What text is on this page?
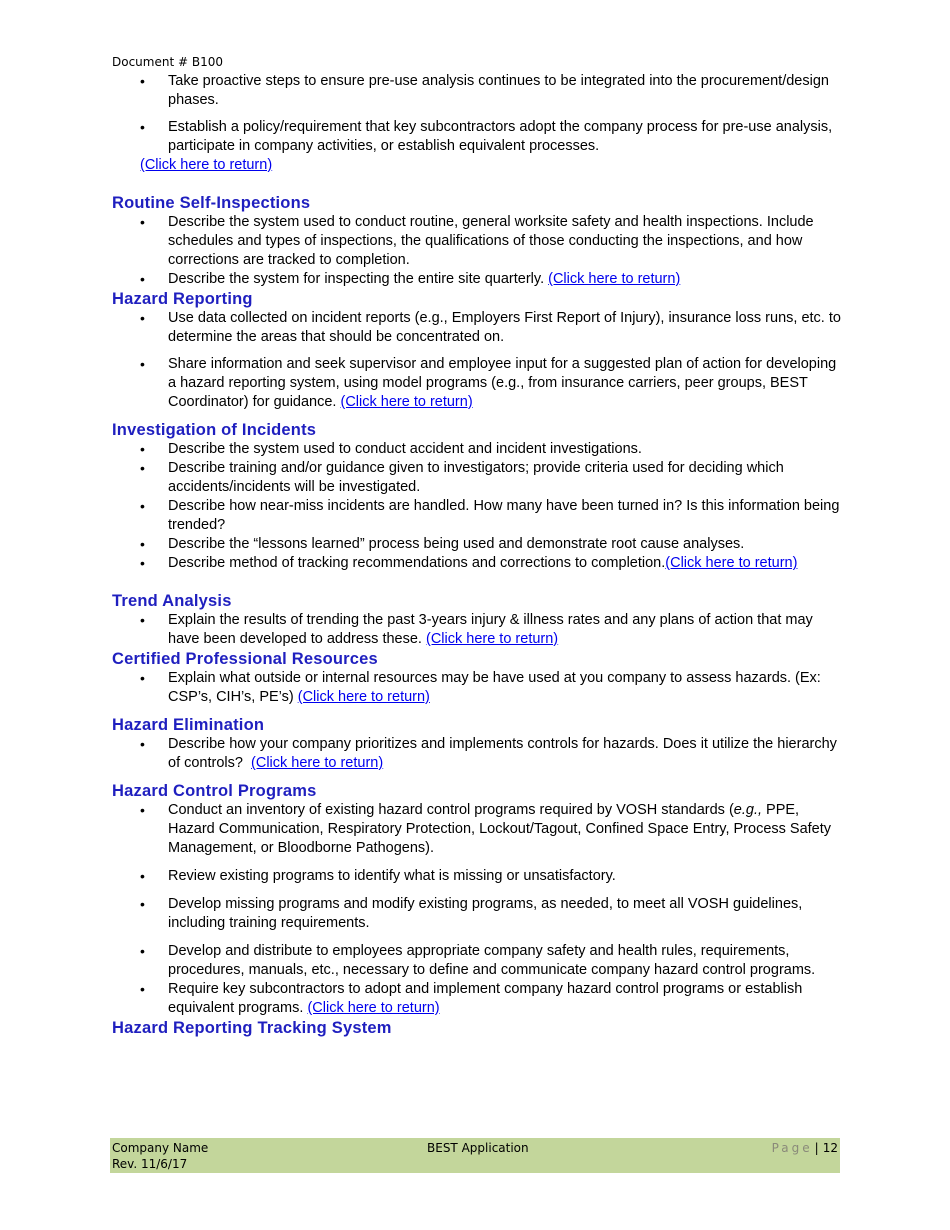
Document # B100
• Take proactive steps to ensure pre-use analysis continues to be integrated into the procurement/design phases.
• Establish a policy/requirement that key subcontractors adopt the company process for pre-use analysis, participate in company activities, or establish equivalent processes.
(Click here to return)
Routine Self-Inspections
• Describe the system used to conduct routine, general worksite safety and health inspections. Include schedules and types of inspections, the qualifications of those conducting the inspections, and how corrections are tracked to completion.
• Describe the system for inspecting the entire site quarterly. (Click here to return)
Hazard Reporting
• Use data collected on incident reports (e.g., Employers First Report of Injury), insurance loss runs, etc. to determine the areas that should be concentrated on.
• Share information and seek supervisor and employee input for a suggested plan of action for developing a hazard reporting system, using model programs (e.g., from insurance carriers, peer groups, BEST Coordinator) for guidance. (Click here to return)
Investigation of Incidents
• Describe the system used to conduct accident and incident investigations.
• Describe training and/or guidance given to investigators; provide criteria used for deciding which accidents/incidents will be investigated.
• Describe how near-miss incidents are handled. How many have been turned in? Is this information being trended?
• Describe the “lessons learned” process being used and demonstrate root cause analyses.
• Describe method of tracking recommendations and corrections to completion.(Click here to return)
Trend Analysis
• Explain the results of trending the past 3-years injury & illness rates and any plans of action that may have been developed to address these. (Click here to return)
Certified Professional Resources
• Explain what outside or internal resources may be have used at you company to assess hazards. (Ex: CSP’s, CIH’s, PE’s) (Click here to return)
Hazard Elimination
• Describe how your company prioritizes and implements controls for hazards. Does it utilize the hierarchy of controls? (Click here to return)
Hazard Control Programs
• Conduct an inventory of existing hazard control programs required by VOSH standards (e.g., PPE, Hazard Communication, Respiratory Protection, Lockout/Tagout, Confined Space Entry, Process Safety Management, or Bloodborne Pathogens).
• Review existing programs to identify what is missing or unsatisfactory.
• Develop missing programs and modify existing programs, as needed, to meet all VOSH guidelines, including training requirements.
• Develop and distribute to employees appropriate company safety and health rules, requirements, procedures, manuals, etc., necessary to define and communicate company hazard control programs.
• Require key subcontractors to adopt and implement company hazard control programs or establish equivalent programs. (Click here to return)
Hazard Reporting Tracking System
Company Name
Rev. 11/6/17
BEST Application	Page | 12
